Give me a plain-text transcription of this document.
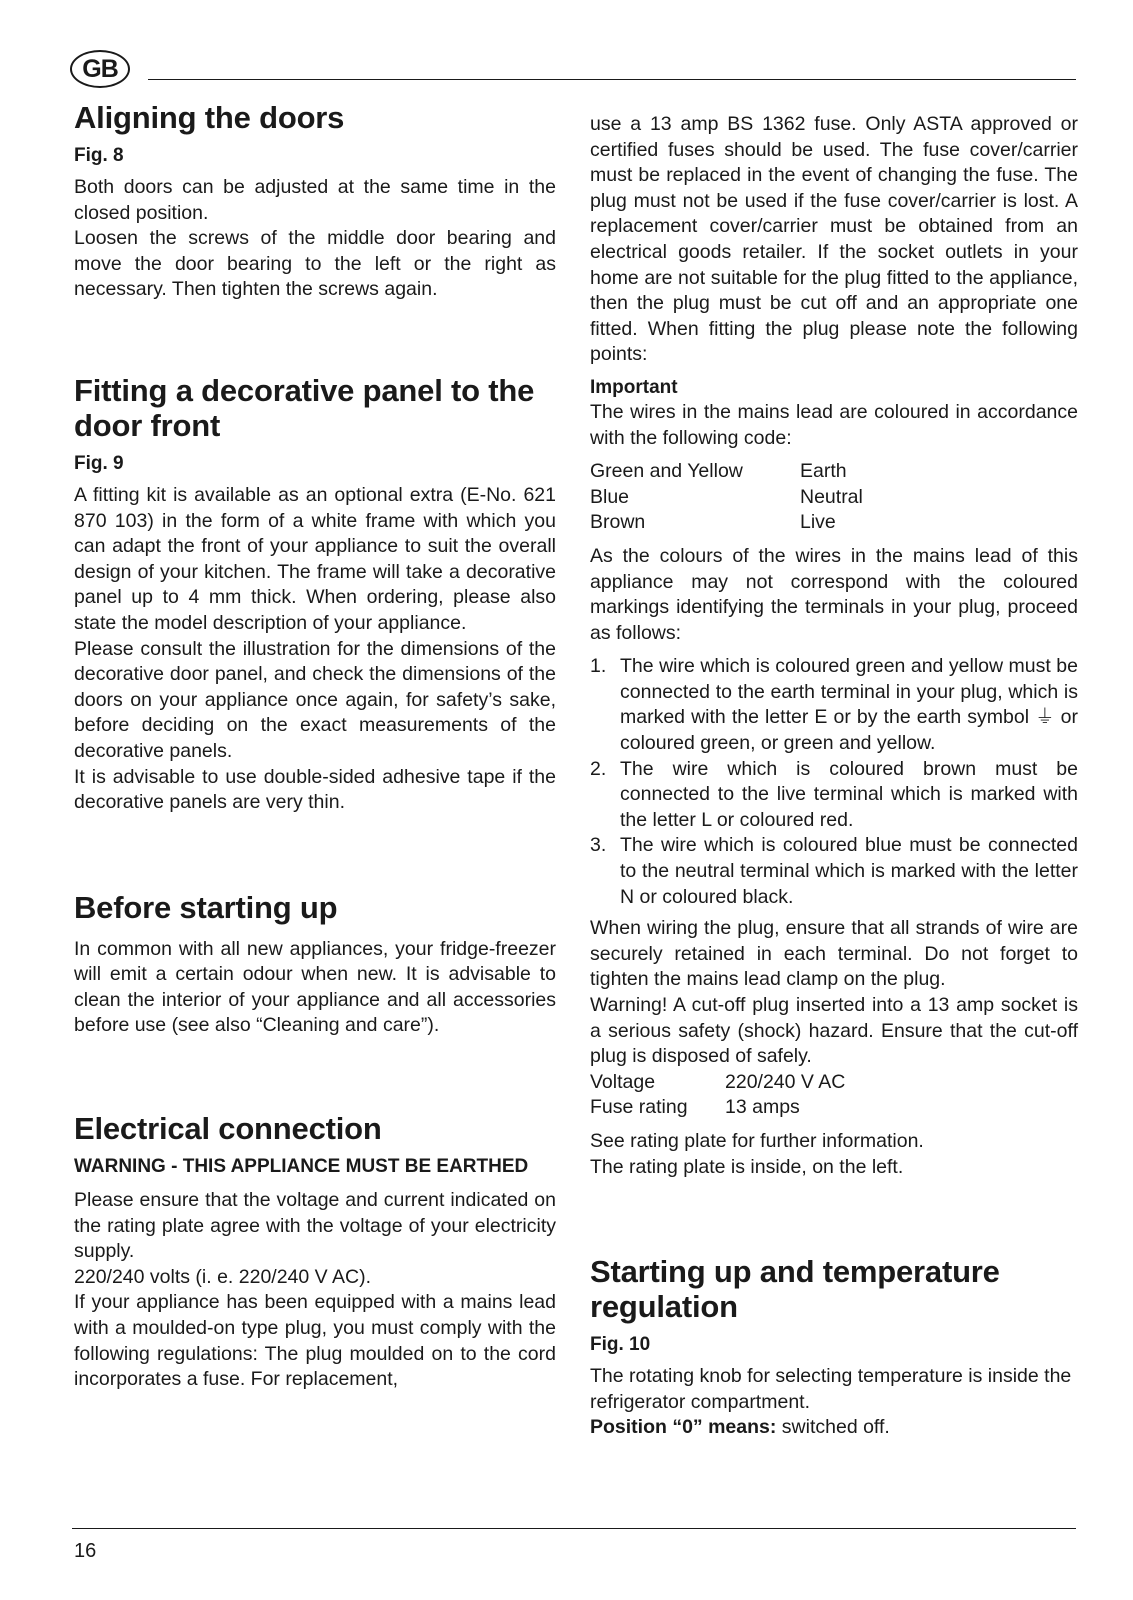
GB
Aligning the doors
Fig. 8

Both doors can be adjusted at the same time in the closed position.

Loosen the screws of the middle door bearing and move the door bearing to the left or the right as necessary. Then tighten the screws again.

Fitting a decorative panel to the door front
Fig. 9

A fitting kit is available as an optional extra (E-No. 621 870 103) in the form of a white frame with which you can adapt the front of your appliance to suit the overall design of your kitchen. The frame will take a decorative panel up to 4 mm thick. When ordering, please also state the model description of your appliance.

Please consult the illustration for the dimensions of the decorative door panel, and check the dimensions of the doors on your appliance once again, for safety’s sake, before deciding on the exact measurements of the decorative panels.

It is advisable to use double-sided adhesive tape if the decorative panels are very thin.

Before starting up

In common with all new appliances, your fridge-freezer will emit a certain odour when new. It is advisable to clean the interior of your appliance and all accessories before use (see also “Cleaning and care”).

Electrical connection
WARNING - THIS APPLIANCE MUST BE EARTHED

Please ensure that the voltage and current indicated on the rating plate agree with the voltage of your electricity supply.

220/240 volts (i. e. 220/240 V AC).

If your appliance has been equipped with a mains lead with a moulded-on type plug, you must comply with the following regulations: The plug moulded on to the cord incorporates a fuse. For replacement,

use a 13 amp BS 1362 fuse. Only ASTA approved or certified fuses should be used. The fuse cover/carrier must be replaced in the event of changing the fuse. The plug must not be used if the fuse cover/carrier is lost. A replacement cover/carrier must be obtained from an electrical goods retailer. If the socket outlets in your home are not suitable for the plug fitted to the appliance, then the plug must be cut off and an appropriate one fitted. When fitting the plug please note the following points:

Important

The wires in the mains lead are coloured in accordance with the following code:

Green and Yellow	Earth
Blue	Neutral
Brown	Live

As the colours of the wires in the mains lead of this appliance may not correspond with the coloured markings identifying the terminals in your plug, proceed as follows:

1. The wire which is coloured green and yellow must be connected to the earth terminal in your plug, which is marked with the letter E or by the earth symbol ⏚ or coloured green, or green and yellow.
2. The wire which is coloured brown must be connected to the live terminal which is marked with the letter L or coloured red.
3. The wire which is coloured blue must be connected to the neutral terminal which is marked with the letter N or coloured black.

When wiring the plug, ensure that all strands of wire are securely retained in each terminal. Do not forget to tighten the mains lead clamp on the plug.

Warning! A cut-off plug inserted into a 13 amp socket is a serious safety (shock) hazard. Ensure that the cut-off plug is disposed of safely.

Voltage	220/240 V AC
Fuse rating	13 amps

See rating plate for further information.

The rating plate is inside, on the left.

Starting up and temperature regulation
Fig. 10

The rotating knob for selecting temperature is inside the refrigerator compartment.

Position “0” means: switched off.

16
